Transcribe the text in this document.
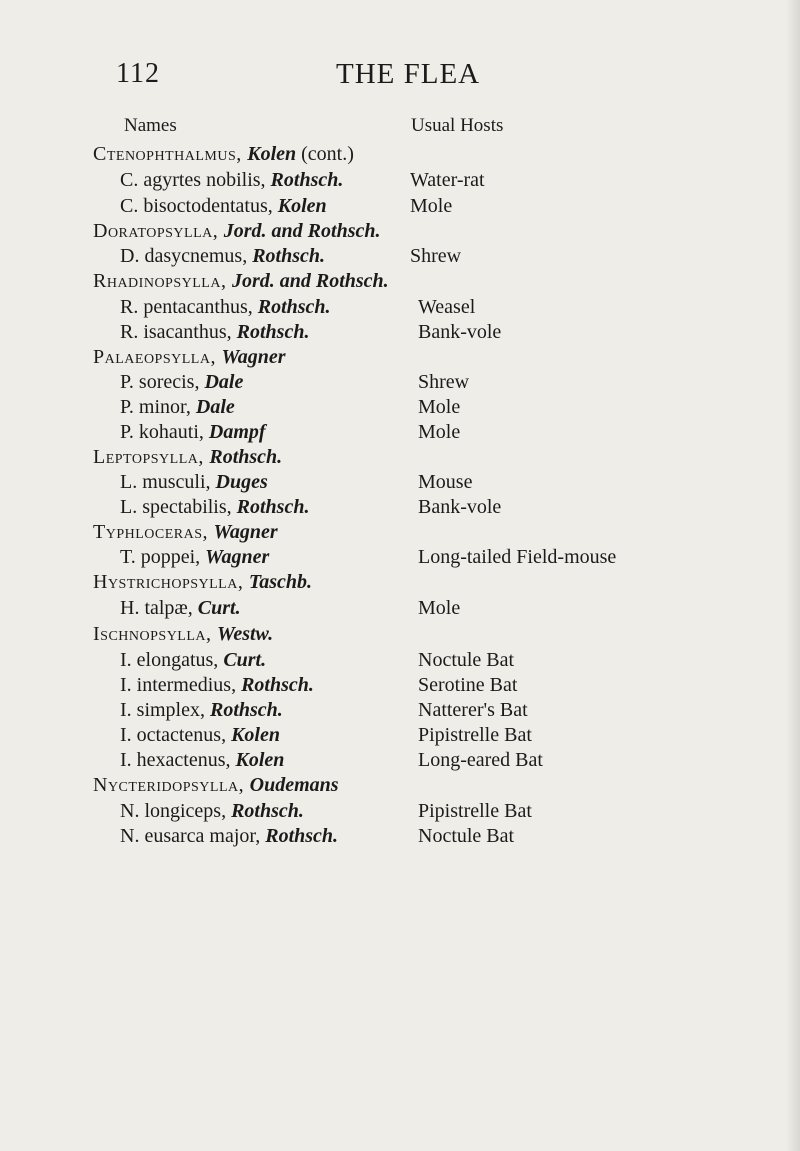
112	THE FLEA
Names	Usual Hosts
Ctenophthalmus, Kolen (cont.)
C. agyrtes nobilis, Rothsch.	Water-rat
C. bisoctodentatus, Kolen	Mole
Doratopsylla, Jord. and Rothsch.
D. dasycnemus, Rothsch.	Shrew
Rhadinopsylla, Jord. and Rothsch.
R. pentacanthus, Rothsch.	Weasel
R. isacanthus, Rothsch.	Bank-vole
Palaeopsylla, Wagner
P. sorecis, Dale	Shrew
P. minor, Dale	Mole
P. kohauti, Dampf	Mole
Leptopsylla, Rothsch.
L. musculi, Duges	Mouse
L. spectabilis, Rothsch.	Bank-vole
Typhloceras, Wagner
T. poppei, Wagner	Long-tailed Field-mouse
Hystrichopsylla, Taschb.
H. talpæ, Curt.	Mole
Ischnopsylla, Westw.
I. elongatus, Curt.	Noctule Bat
I. intermedius, Rothsch.	Serotine Bat
I. simplex, Rothsch.	Natterer's Bat
I. octactenus, Kolen	Pipistrelle Bat
I. hexactenus, Kolen	Long-eared Bat
Nycteridopsylla, Oudemans
N. longiceps, Rothsch.	Pipistrelle Bat
N. eusarca major, Rothsch.	Noctule Bat
